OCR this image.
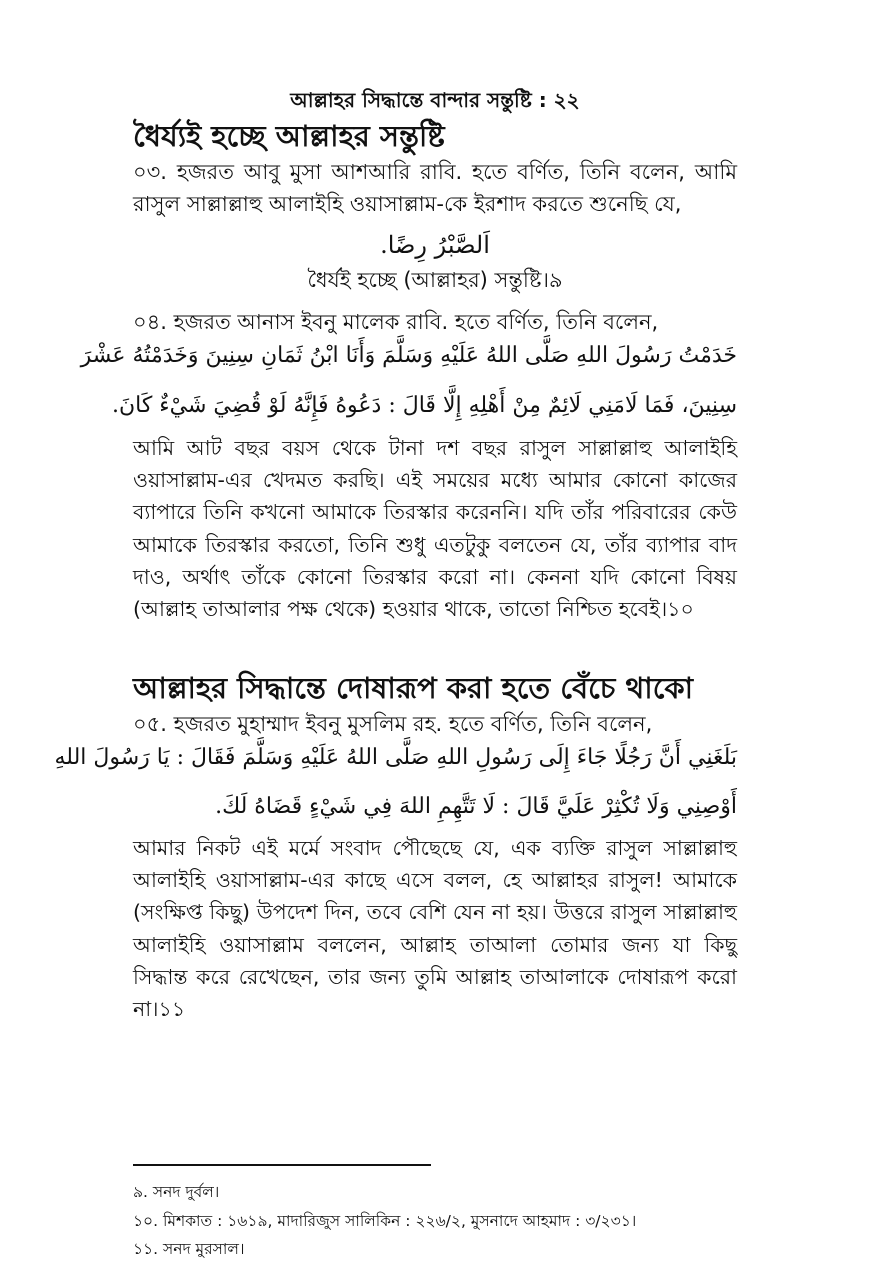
আল্লাহর সিদ্ধান্তে বান্দার সন্তুষ্টি : ২২
ধৈর্য্যই হচ্ছে আল্লাহর সন্তুষ্টি
০৩. হজরত আবু মুসা আশআরি রাবি. হতে বর্ণিত, তিনি বলেন, আমি
রাসুল সাল্লাল্লাহু আলাইহি ওয়াসাল্লাম-কে ইরশাদ করতে শুনেছি যে,
اَلصَّبْرُ رِضًا.
ধৈর্যই হচ্ছে (আল্লাহর) সন্তুষ্টি।৯
০৪. হজরত আনাস ইবনু মালেক রাবি. হতে বর্ণিত, তিনি বলেন,
خَدَمْتُ رَسُولَ اللهِ صَلَّى اللهُ عَلَيْهِ وَسَلَّمَ وَأَنَا ابْنُ ثَمَانِ سِنِينَ وَخَدَمْتُهُ عَشْرَ
سِنِينَ، فَمَا لَامَنِي لَائِمٌ مِنْ أَهْلِهِ إِلَّا قَالَ : دَعُوهُ فَإِنَّهُ لَوْ قُضِيَ شَيْءٌ كَانَ.
আমি আট বছর বয়স থেকে টানা দশ বছর রাসুল সাল্লাল্লাহু আলাইহি ওয়াসাল্লাম-এর খেদমত করছি। এই সময়ের মধ্যে আমার কোনো কাজের ব্যাপারে তিনি কখনো আমাকে তিরস্কার করেননি। যদি তাঁর পরিবারের কেউ আমাকে তিরস্কার করতো, তিনি শুধু এতটুকু বলতেন যে, তাঁর ব্যাপার বাদ দাও, অর্থাৎ তাঁকে কোনো তিরস্কার করো না। কেননা যদি কোনো বিষয় (আল্লাহ তাআলার পক্ষ থেকে) হওয়ার থাকে, তাতো নিশ্চিত হবেই।১০
আল্লাহর সিদ্ধান্তে দোষারূপ করা হতে বেঁচে থাকো
০৫. হজরত মুহাম্মাদ ইবনু মুসলিম রহ. হতে বর্ণিত, তিনি বলেন,
بَلَغَنِي أَنَّ رَجُلًا جَاءَ إِلَى رَسُولِ اللهِ صَلَّى اللهُ عَلَيْهِ وَسَلَّمَ فَقَالَ : يَا رَسُولَ اللهِ
أَوْصِنِي وَلَا تُكْثِرْ عَلَيَّ قَالَ : لَا تَتَّهِمِ اللهَ فِي شَيْءٍ قَضَاهُ لَكَ.
আমার নিকট এই মর্মে সংবাদ পৌছেছে যে, এক ব্যক্তি রাসুল সাল্লাল্লাহু আলাইহি ওয়াসাল্লাম-এর কাছে এসে বলল, হে আল্লাহর রাসুল! আমাকে (সংক্ষিপ্ত কিছু) উপদেশ দিন, তবে বেশি যেন না হয়। উত্তরে রাসুল সাল্লাল্লাহু আলাইহি ওয়াসাল্লাম বললেন, আল্লাহ তাআলা তোমার জন্য যা কিছু সিদ্ধান্ত করে রেখেছেন, তার জন্য তুমি আল্লাহ তাআলাকে দোষারূপ করো না।১১
৯. সনদ দুর্বল।
১০. মিশকাত : ১৬১৯, মাদারিজুস সালিকিন : ২২৬/২, মুসনাদে আহমাদ : ৩/২৩১।
১১. সনদ মুরসাল।
